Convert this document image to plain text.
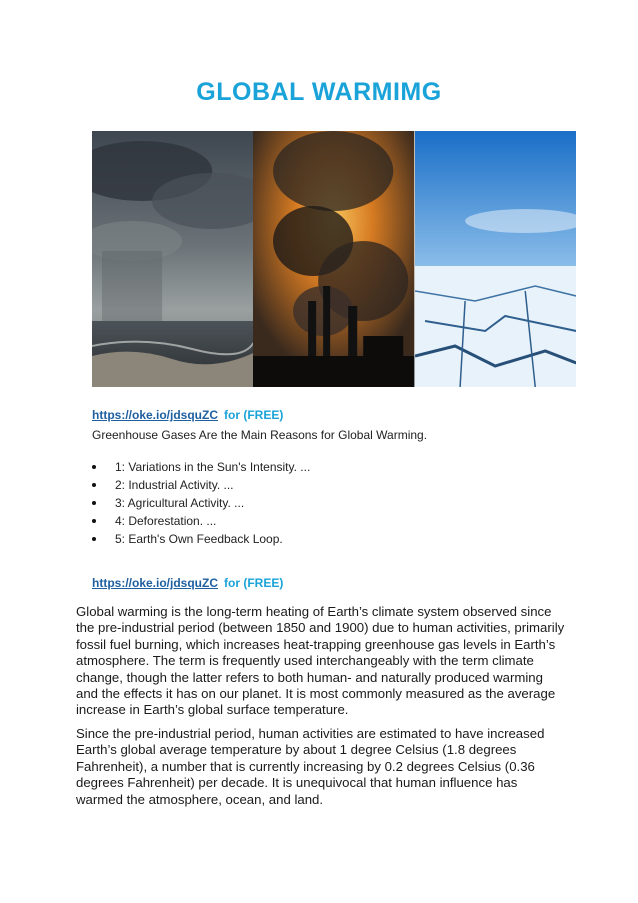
GLOBAL WARMIMG
https://oke.io/jdsquZC for (FREE)
Greenhouse Gases Are the Main Reasons for Global Warming.
1: Variations in the Sun's Intensity. ...
2: Industrial Activity. ...
3: Agricultural Activity. ...
4: Deforestation. ...
5: Earth's Own Feedback Loop.
https://oke.io/jdsquZC for (FREE)

Global warming is the long-term heating of Earth’s climate system observed since the pre-industrial period (between 1850 and 1900) due to human activities, primarily fossil fuel burning, which increases heat-trapping greenhouse gas levels in Earth’s atmosphere. The term is frequently used interchangeably with the term climate change, though the latter refers to both human- and naturally produced warming and the effects it has on our planet. It is most commonly measured as the average increase in Earth’s global surface temperature.

Since the pre-industrial period, human activities are estimated to have increased Earth’s global average temperature by about 1 degree Celsius (1.8 degrees Fahrenheit), a number that is currently increasing by 0.2 degrees Celsius (0.36 degrees Fahrenheit) per decade. It is unequivocal that human influence has warmed the atmosphere, ocean, and land.
